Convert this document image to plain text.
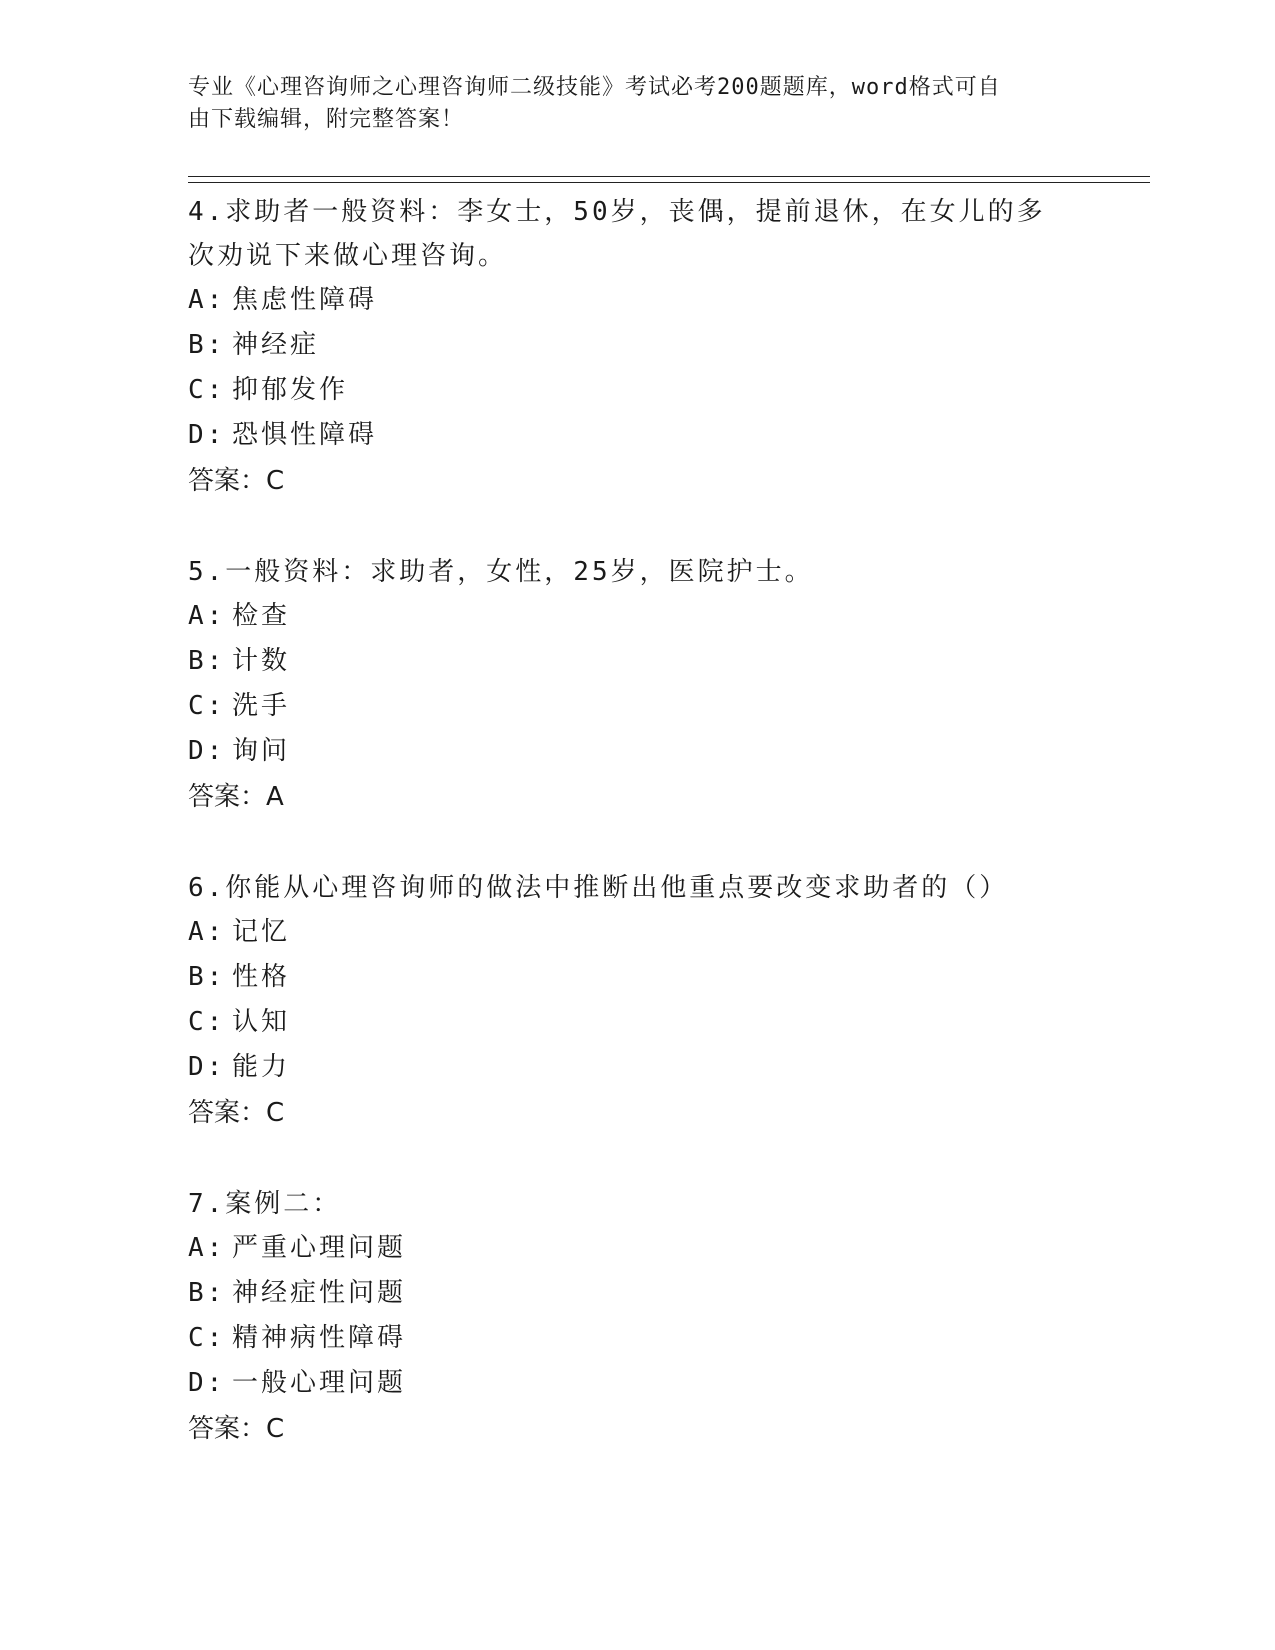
专业《心理咨询师之心理咨询师二级技能》考试必考200题题库，word格式可自
由下载编辑，附完整答案！
4.求助者一般资料：李女士，50岁，丧偶，提前退休，在女儿的多次劝说下来做心理咨询。
A: 焦虑性障碍
B: 神经症
C: 抑郁发作
D: 恐惧性障碍
答案：C
5.一般资料：求助者，女性，25岁，医院护士。
A: 检查
B: 计数
C: 洗手
D: 询问
答案：A
6.你能从心理咨询师的做法中推断出他重点要改变求助者的（）
A: 记忆
B: 性格
C: 认知
D: 能力
答案：C
7.案例二：
A: 严重心理问题
B: 神经症性问题
C: 精神病性障碍
D: 一般心理问题
答案：C
